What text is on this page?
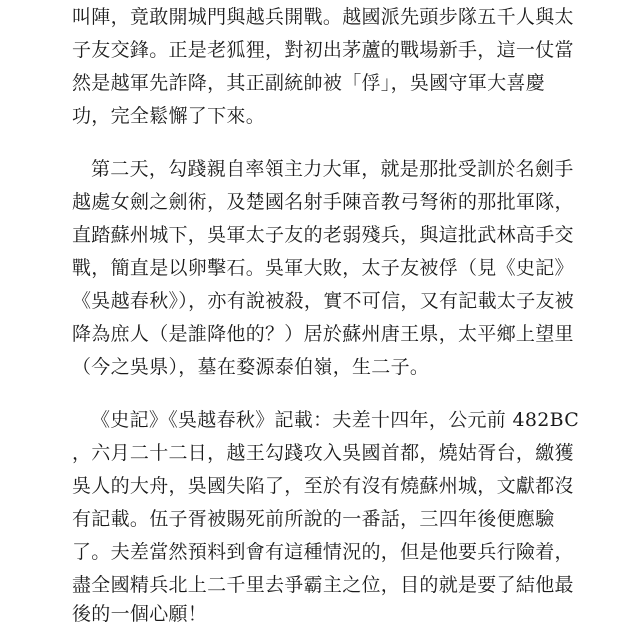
叫陣，竟敢開城門與越兵開戰。越國派先頭步隊五千人與太
子友交鋒。正是老狐狸，對初出茅蘆的戰場新手，這一仗當
然是越軍先詐降，其正副統帥被「俘」，吳國守軍大喜慶
功，完全鬆懈了下來。
第二天，勾踐親自率領主力大軍，就是那批受訓於名劍手
越處女劍之劍術，及楚國名射手陳音教弓弩術的那批軍隊，
直踏蘇州城下，吳軍太子友的老弱殘兵，與這批武林高手交
戰，簡直是以卵擊石。吳軍大敗，太子友被俘（見《史記》
《吳越春秋》），亦有說被殺，實不可信，又有記載太子友被
降為庶人（是誰降他的？）居於蘇州唐王県，太平鄉上望里
（今之吳県），墓在婺源泰伯嶺，生二子。
《史記》《吳越春秋》記載：夫差十四年，公元前 482BC
，六月二十二日，越王勾踐攻入吳國首都，燒姑胥台，繳獲
吳人的大舟，吳國失陷了，至於有沒有燒蘇州城，文獻都沒
有記載。伍子胥被賜死前所說的一番話，三四年後便應驗
了。夫差當然預料到會有這種情況的，但是他要兵行險着，
盡全國精兵北上二千里去爭霸主之位，目的就是要了結他最
後的一個心願！
